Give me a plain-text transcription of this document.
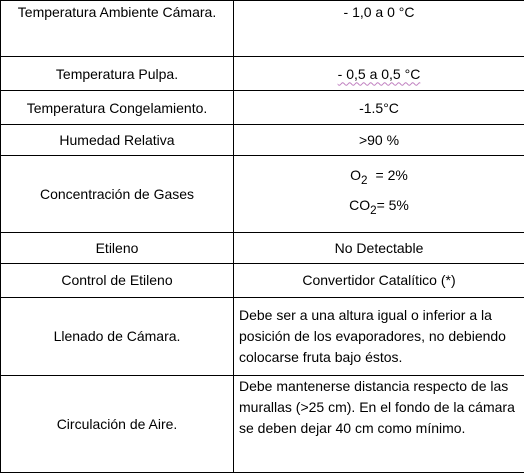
Temperatura Ambiente Cámara.	- 1,0 a 0 °C
Temperatura Pulpa.	- 0,5 a 0,5 °C
Temperatura Congelamiento.	-1.5°C
Humedad Relativa	>90 %
Concentración de Gases	$O_2 = 2\%$
$CO_2= 5\%$

Etileno	No Detectable
Control de Etileno	Convertidor Catalítico (*)
Llenado de Cámara.	Debe ser a una altura igual o inferior a la posición de los evaporadores, no debiendo colocarse fruta bajo éstos.
Circulación de Aire.	Debe mantenerse distancia respecto de las murallas (>25 cm). En el fondo de la cámara se deben dejar 40 cm como mínimo.
